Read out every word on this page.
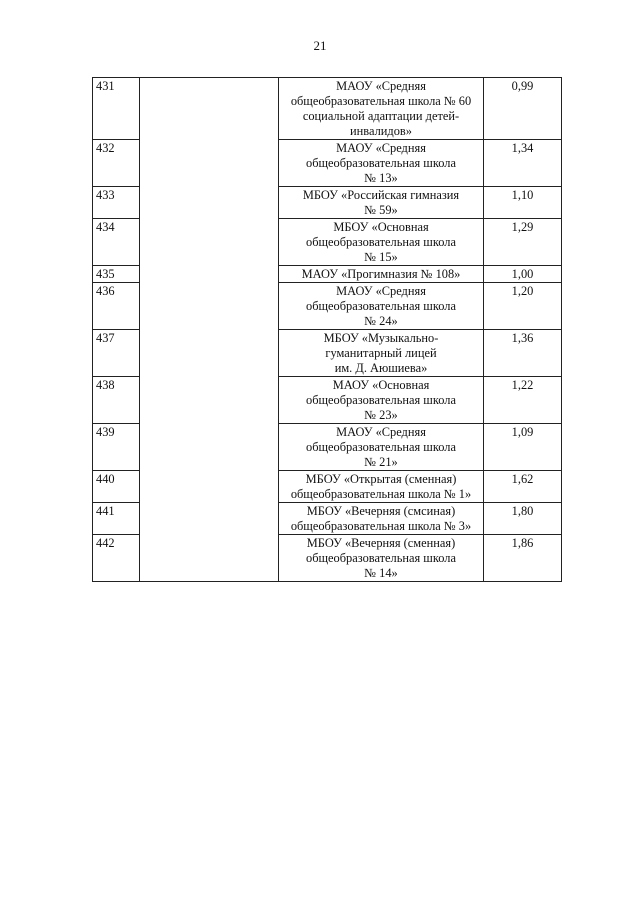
21
431		МАОУ «Средняя
общеобразовательная школа № 60
социальной адаптации детей-
инвалидов»	0,99
432		МАОУ «Средняя
общеобразовательная школа
№ 13»	1,34
433		МБОУ «Российская гимназия
№ 59»	1,10
434		МБОУ «Основная
общеобразовательная школа
№ 15»	1,29
435		МАОУ «Прогимназия № 108»	1,00
436		МАОУ «Средняя
общеобразовательная школа
№ 24»	1,20
437		МБОУ «Музыкально-
гуманитарный лицей
им. Д. Аюшиева»	1,36
438		МАОУ «Основная
общеобразовательная школа
№ 23»	1,22
439		МАОУ «Средняя
общеобразовательная школа
№ 21»	1,09
440		МБОУ «Открытая (сменная)
общеобразовательная школа № 1»	1,62
441		МБОУ «Вечерняя (смсиная)
общеобразовательная школа № 3»	1,80
442		МБОУ «Вечерняя (сменная)
общеобразовательная школа
№ 14»	1,86
